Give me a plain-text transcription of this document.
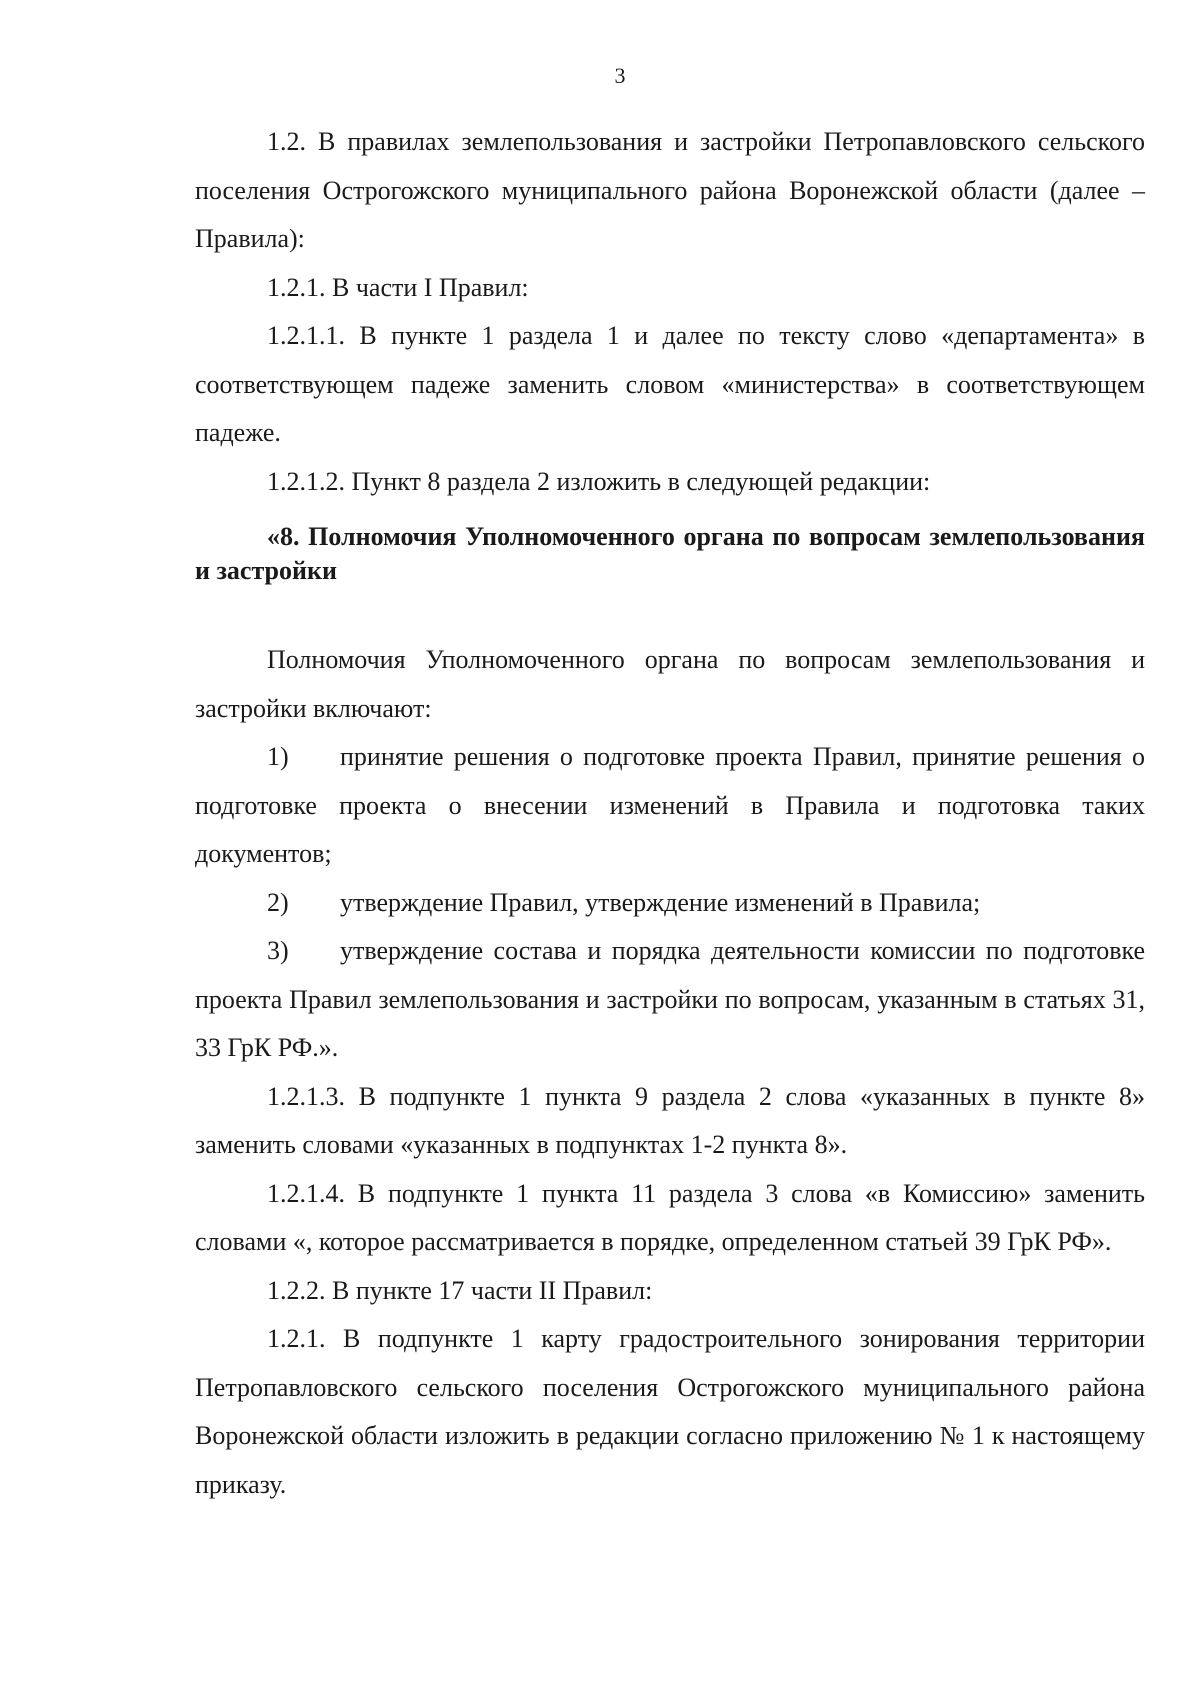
3

1.2. В правилах землепользования и застройки Петропавловского сельского поселения Острогожского муниципального района Воронежской области (далее – Правила):

1.2.1. В части I Правил:

1.2.1.1. В пункте 1 раздела 1 и далее по тексту слово «департамента» в соответствующем падеже заменить словом «министерства» в соответствующем падеже.

1.2.1.2. Пункт 8 раздела 2 изложить в следующей редакции:

«8. Полномочия Уполномоченного органа по вопросам землепользования и застройки

Полномочия Уполномоченного органа по вопросам землепользования и застройки включают:

1) принятие решения о подготовке проекта Правил, принятие решения о подготовке проекта о внесении изменений в Правила и подготовка таких документов;

2) утверждение Правил, утверждение изменений в Правила;

3) утверждение состава и порядка деятельности комиссии по подготовке проекта Правил землепользования и застройки по вопросам, указанным в статьях 31, 33 ГрК РФ.».

1.2.1.3. В подпункте 1 пункта 9 раздела 2 слова «указанных в пункте 8» заменить словами «указанных в подпунктах 1-2 пункта 8».

1.2.1.4. В подпункте 1 пункта 11 раздела 3 слова «в Комиссию» заменить словами «, которое рассматривается в порядке, определенном статьей 39 ГрК РФ».

1.2.2. В пункте 17 части II Правил:

1.2.1. В подпункте 1 карту градостроительного зонирования территории Петропавловского сельского поселения Острогожского муниципального района Воронежской области изложить в редакции согласно приложению № 1 к настоящему приказу.
